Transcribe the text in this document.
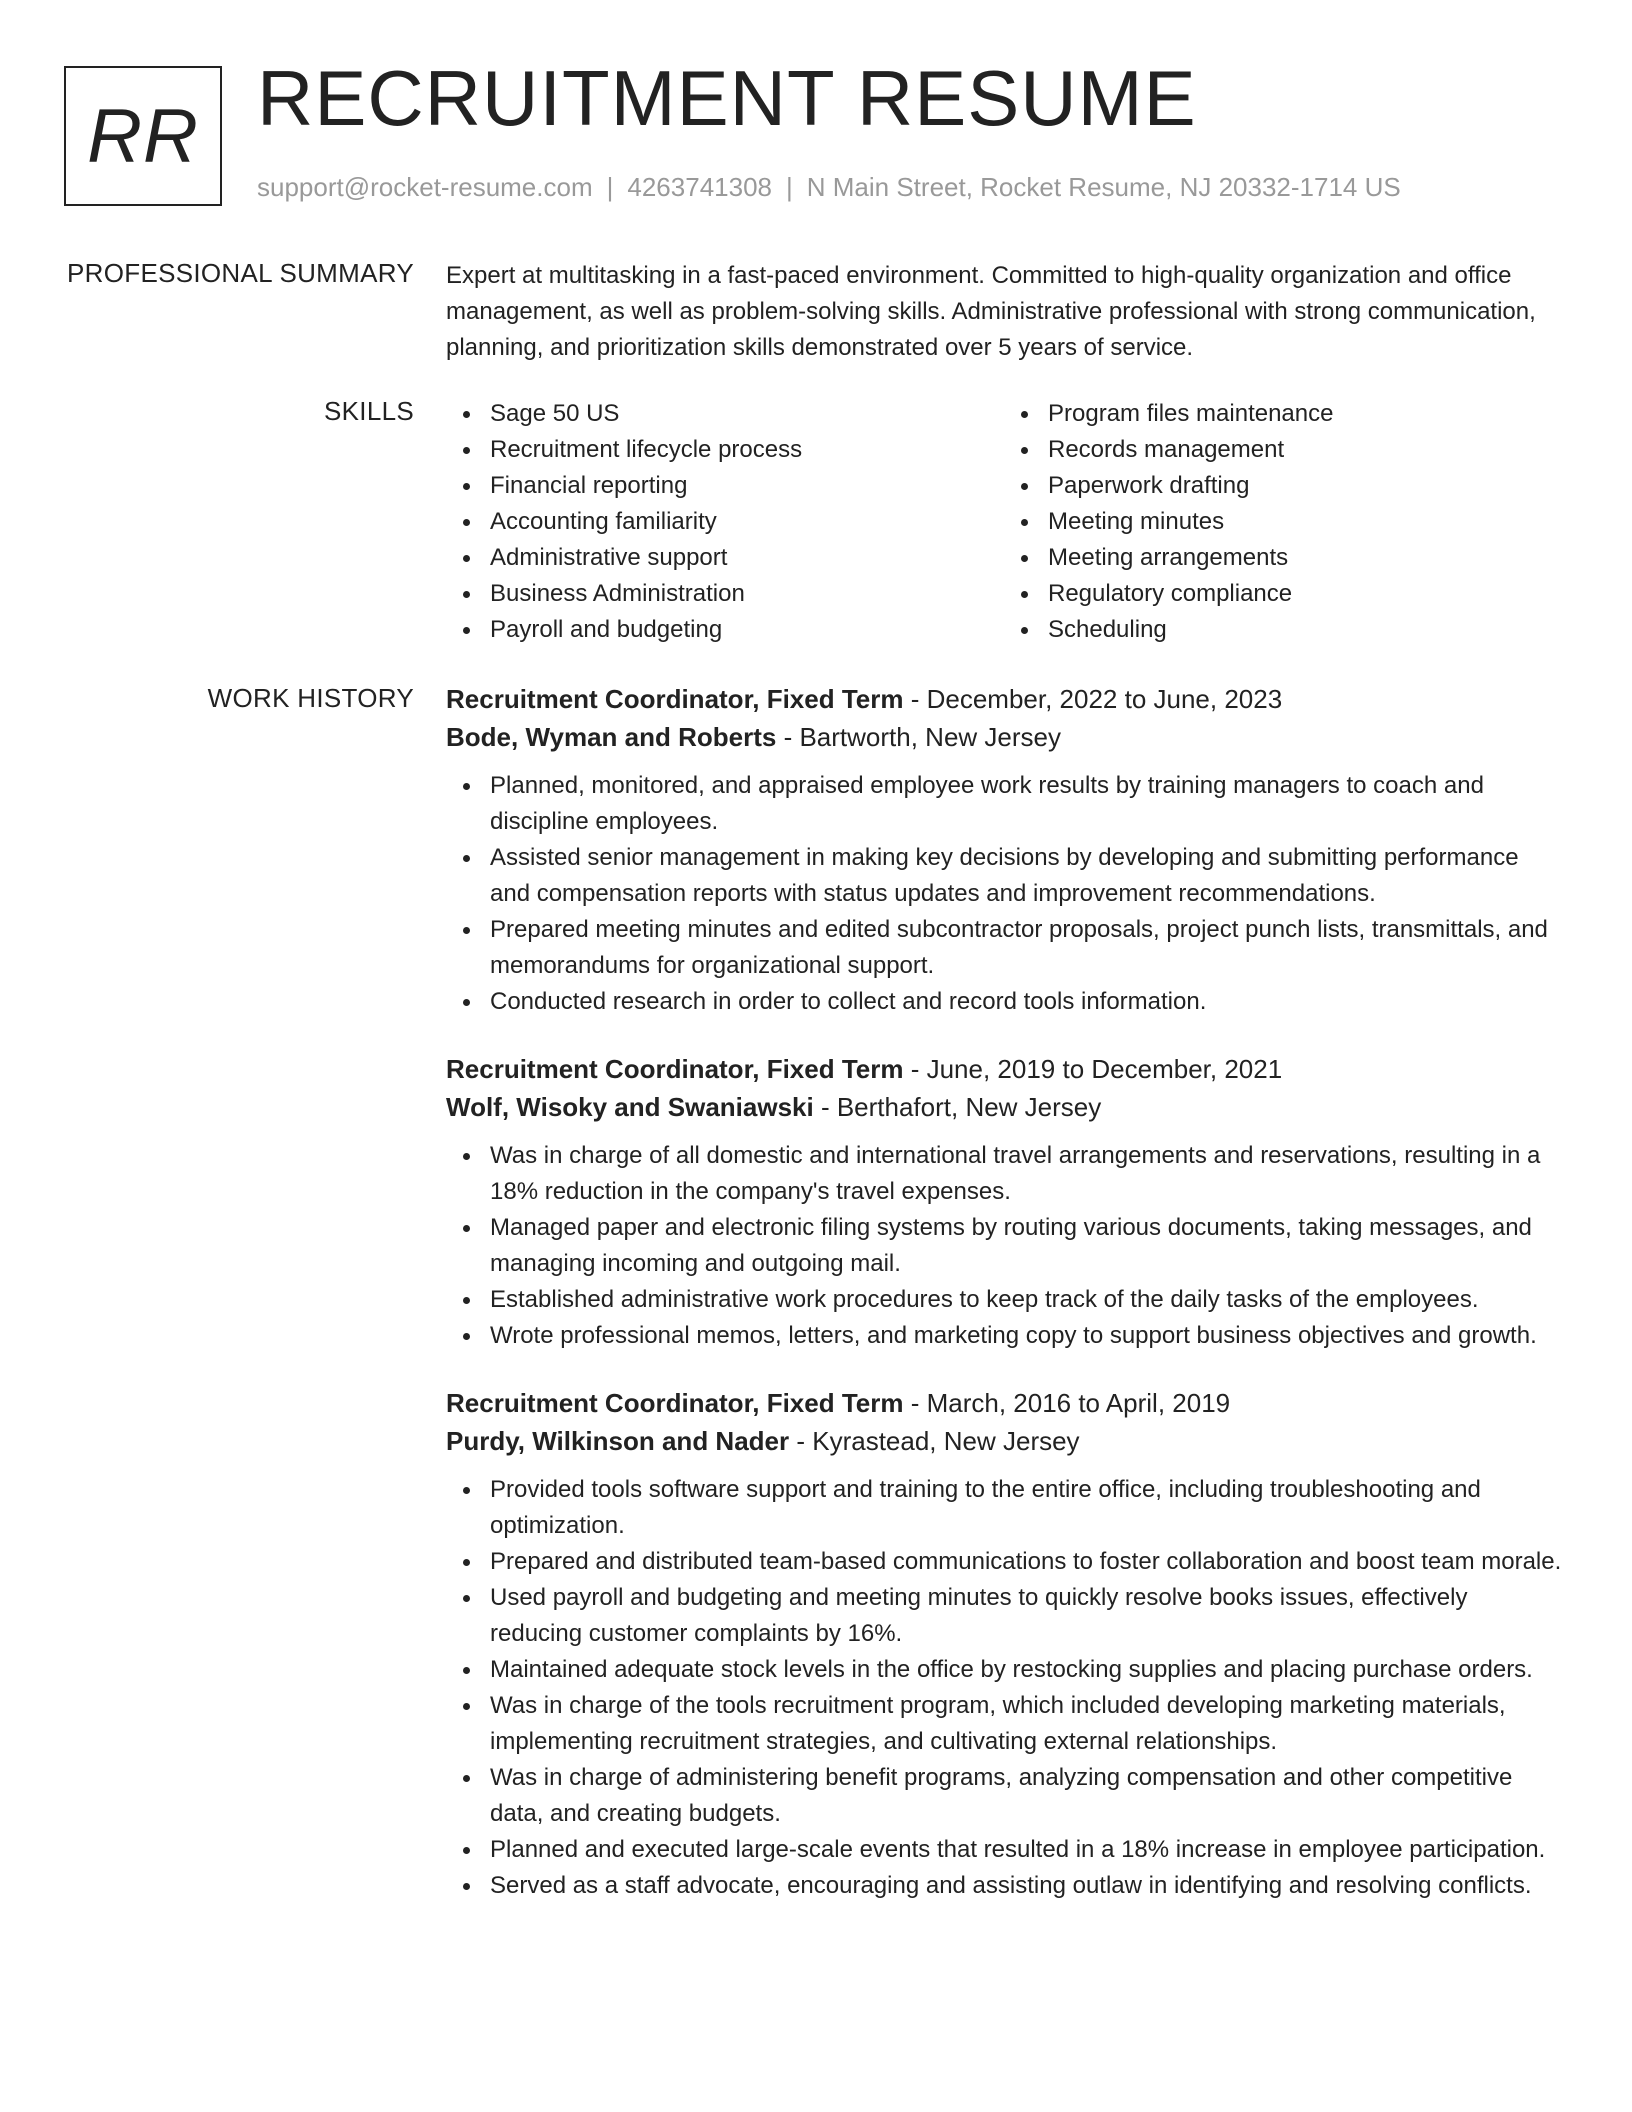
RR RECRUITMENT RESUME
support@rocket-resume.com | 4263741308 | N Main Street, Rocket Resume, NJ 20332-1714 US
PROFESSIONAL SUMMARY Expert at multitasking in a fast-paced environment. Committed to high-quality organization and office management, as well as problem-solving skills. Administrative professional with strong communication, planning, and prioritization skills demonstrated over 5 years of service.

SKILLS	Sage 50 US
Recruitment lifecycle process
Financial reporting
Accounting familiarity
Administrative support
Business Administration
Payroll and budgeting
Program files maintenance
Records management
Paperwork drafting
Meeting minutes
Meeting arrangements
Regulatory compliance
Scheduling
WORK HISTORY Recruitment Coordinator, Fixed Term - December, 2022 to June, 2023
Bode, Wyman and Roberts - Bartworth, New Jersey
Planned, monitored, and appraised employee work results by training managers to coach and discipline employees.
Assisted senior management in making key decisions by developing and submitting performance and compensation reports with status updates and improvement recommendations.
Prepared meeting minutes and edited subcontractor proposals, project punch lists, transmittals, and memorandums for organizational support.
Conducted research in order to collect and record tools information.
Recruitment Coordinator, Fixed Term - June, 2019 to December, 2021
Wolf, Wisoky and Swaniawski - Berthafort, New Jersey
Was in charge of all domestic and international travel arrangements and reservations, resulting in a 18% reduction in the company's travel expenses.
Managed paper and electronic filing systems by routing various documents, taking messages, and managing incoming and outgoing mail.
Established administrative work procedures to keep track of the daily tasks of the employees.
Wrote professional memos, letters, and marketing copy to support business objectives and growth.
Recruitment Coordinator, Fixed Term - March, 2016 to April, 2019
Purdy, Wilkinson and Nader - Kyrastead, New Jersey
Provided tools software support and training to the entire office, including troubleshooting and optimization.
Prepared and distributed team-based communications to foster collaboration and boost team morale.
Used payroll and budgeting and meeting minutes to quickly resolve books issues, effectively reducing customer complaints by 16%.
Maintained adequate stock levels in the office by restocking supplies and placing purchase orders.
Was in charge of the tools recruitment program, which included developing marketing materials, implementing recruitment strategies, and cultivating external relationships.
Was in charge of administering benefit programs, analyzing compensation and other competitive data, and creating budgets.
Planned and executed large-scale events that resulted in a 18% increase in employee participation.
Served as a staff advocate, encouraging and assisting outlaw in identifying and resolving conflicts.
